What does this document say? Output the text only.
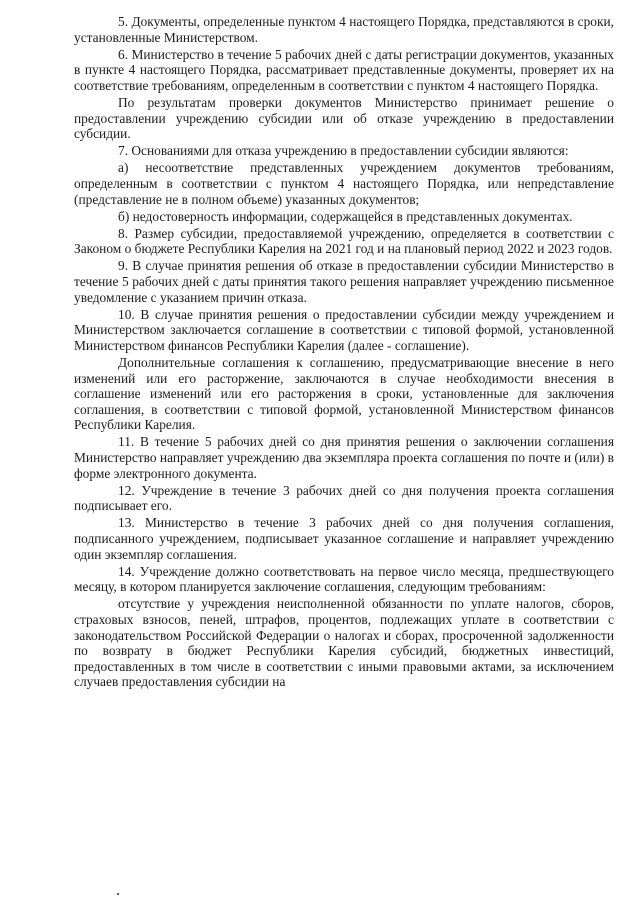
5. Документы, определенные пунктом 4 настоящего Порядка, представляются в сроки, установленные Министерством.

6. Министерство в течение 5 рабочих дней с даты регистрации документов, указанных в пункте 4 настоящего Порядка, рассматривает представленные документы, проверяет их на соответствие требованиям, определенным в соответствии с пунктом 4 настоящего Порядка.

По результатам проверки документов Министерство принимает решение о предоставлении учреждению субсидии или об отказе учреждению в предоставлении субсидии.

7. Основаниями для отказа учреждению в предоставлении субсидии являются:

а) несоответствие представленных учреждением документов требованиям, определенным в соответствии с пунктом 4 настоящего Порядка, или непредставление (представление не в полном объеме) указанных документов;

б) недостоверность информации, содержащейся в представленных документах.

8. Размер субсидии, предоставляемой учреждению, определяется в соответствии с Законом о бюджете Республики Карелия на 2021 год и на плановый период 2022 и 2023 годов.

9. В случае принятия решения об отказе в предоставлении субсидии Министерство в течение 5 рабочих дней с даты принятия такого решения направляет учреждению письменное уведомление с указанием причин отказа.

10. В случае принятия решения о предоставлении субсидии между учреждением и Министерством заключается соглашение в соответствии с типовой формой, установленной Министерством финансов Республики Карелия (далее - соглашение).

Дополнительные соглашения к соглашению, предусматривающие внесение в него изменений или его расторжение, заключаются в случае необходимости внесения в соглашение изменений или его расторжения в сроки, установленные для заключения соглашения, в соответствии с типовой формой, установленной Министерством финансов Республики Карелия.

11. В течение 5 рабочих дней со дня принятия решения о заключении соглашения Министерство направляет учреждению два экземпляра проекта соглашения по почте и (или) в форме электронного документа.

12. Учреждение в течение 3 рабочих дней со дня получения проекта соглашения подписывает его.

13. Министерство в течение 3 рабочих дней со дня получения соглашения, подписанного учреждением, подписывает указанное соглашение и направляет учреждению один экземпляр соглашения.

14. Учреждение должно соответствовать на первое число месяца, предшествующего месяцу, в котором планируется заключение соглашения, следующим требованиям:

отсутствие у учреждения неисполненной обязанности по уплате налогов, сборов, страховых взносов, пеней, штрафов, процентов, подлежащих уплате в соответствии с законодательством Российской Федерации о налогах и сборах, просроченной задолженности по возврату в бюджет Республики Карелия субсидий, бюджетных инвестиций, предоставленных в том числе в соответствии с иными правовыми актами, за исключением случаев предоставления субсидии на
